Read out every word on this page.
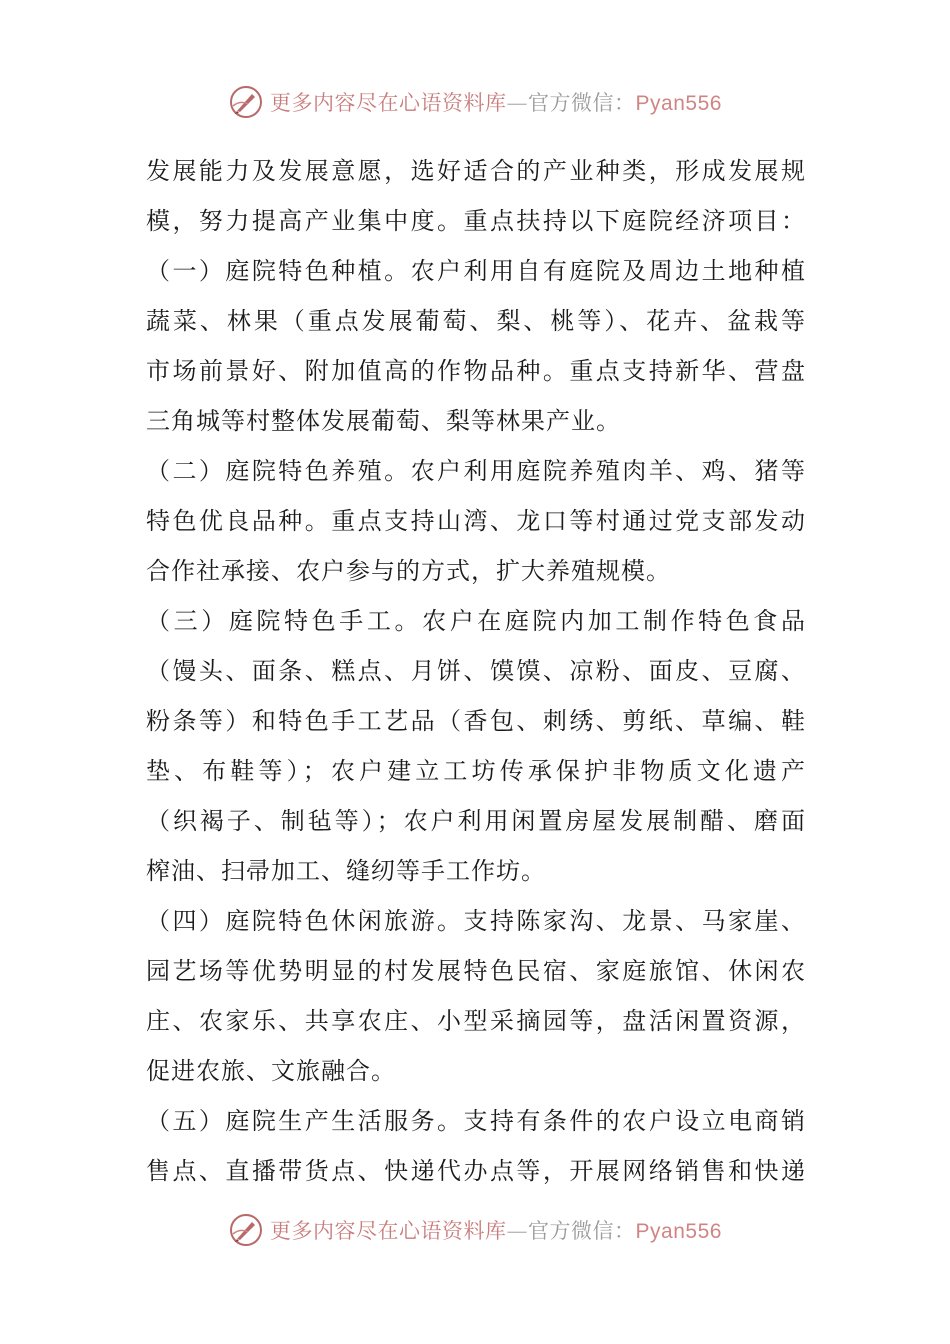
更多内容尽在心语资料库—官方微信：Pyan556
发展能力及发展意愿，选好适合的产业种类，形成发展规
模，努力提高产业集中度。重点扶持以下庭院经济项目：
（一）庭院特色种植。农户利用自有庭院及周边土地种植
蔬菜、林果（重点发展葡萄、梨、桃等）、花卉、盆栽等
市场前景好、附加值高的作物品种。重点支持新华、营盘
三角城等村整体发展葡萄、梨等林果产业。
（二）庭院特色养殖。农户利用庭院养殖肉羊、鸡、猪等
特色优良品种。重点支持山湾、龙口等村通过党支部发动
合作社承接、农户参与的方式，扩大养殖规模。
（三）庭院特色手工。农户在庭院内加工制作特色食品
（馒头、面条、糕点、月饼、馍馍、凉粉、面皮、豆腐、
粉条等）和特色手工艺品（香包、刺绣、剪纸、草编、鞋
垫、布鞋等）；农户建立工坊传承保护非物质文化遗产
（织褐子、制毡等）；农户利用闲置房屋发展制醋、磨面
榨油、扫帚加工、缝纫等手工作坊。
（四）庭院特色休闲旅游。支持陈家沟、龙景、马家崖、
园艺场等优势明显的村发展特色民宿、家庭旅馆、休闲农
庄、农家乐、共享农庄、小型采摘园等，盘活闲置资源，
促进农旅、文旅融合。
（五）庭院生产生活服务。支持有条件的农户设立电商销
售点、直播带货点、快递代办点等，开展网络销售和快递
更多内容尽在心语资料库—官方微信：Pyan556
